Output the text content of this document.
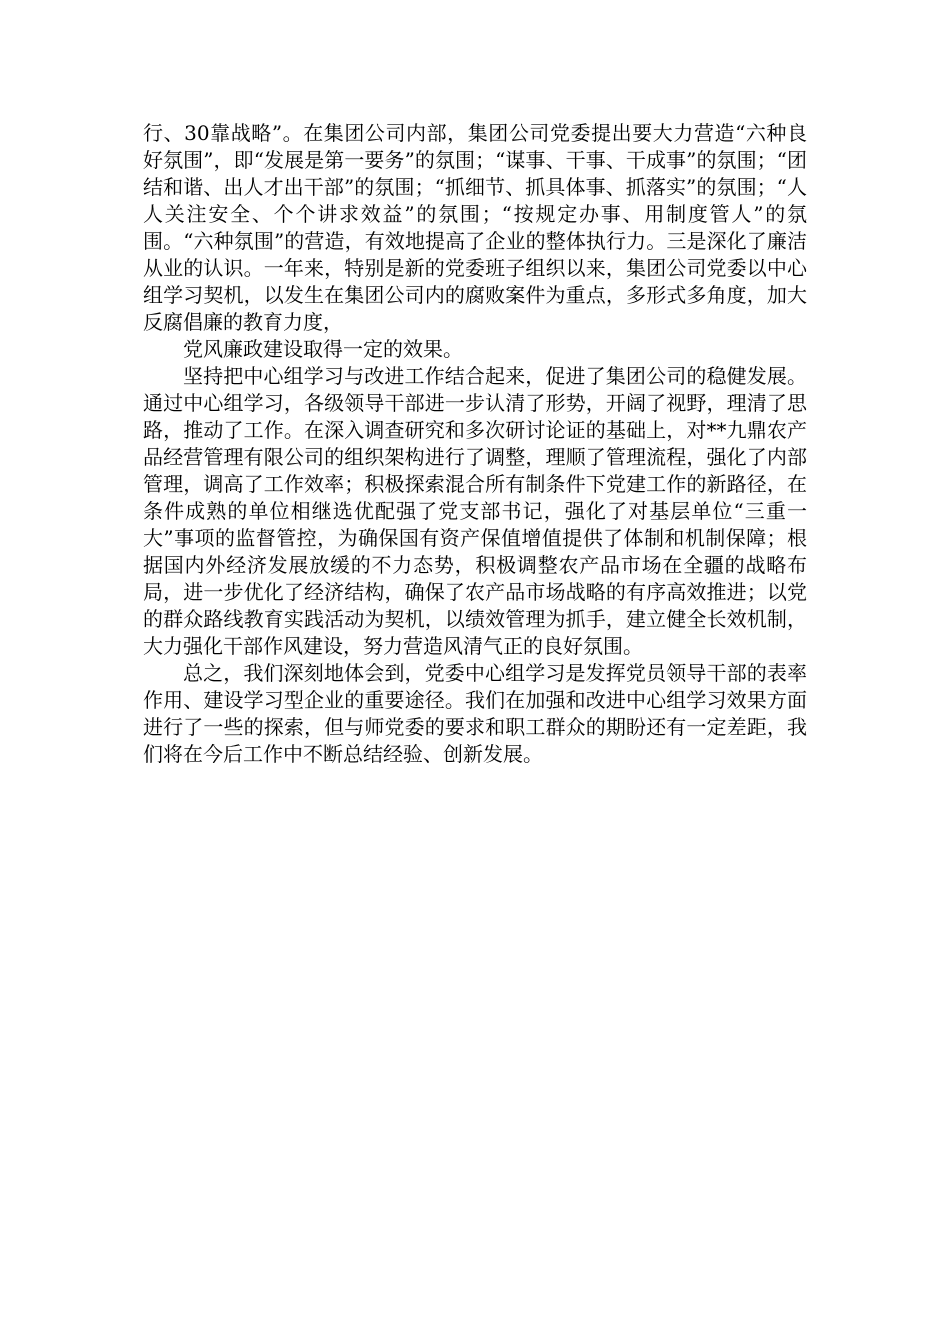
行、30靠战略”。在集团公司内部，集团公司党委提出要大力营造“六种良好氛围”，即“发展是第一要务”的氛围；“谋事、干事、干成事”的氛围；“团结和谐、出人才出干部”的氛围；“抓细节、抓具体事、抓落实”的氛围；“人人关注安全、个个讲求效益”的氛围；“按规定办事、用制度管人”的氛围。“六种氛围”的营造，有效地提高了企业的整体执行力。三是深化了廉洁从业的认识。一年来，特别是新的党委班子组织以来，集团公司党委以中心组学习契机，以发生在集团公司内的腐败案件为重点，多形式多角度，加大反腐倡廉的教育力度，

党风廉政建设取得一定的效果。

坚持把中心组学习与改进工作结合起来，促进了集团公司的稳健发展。通过中心组学习，各级领导干部进一步认清了形势，开阔了视野，理清了思路，推动了工作。在深入调查研究和多次研讨论证的基础上，对**九鼎农产品经营管理有限公司的组织架构进行了调整，理顺了管理流程，强化了内部管理，调高了工作效率；积极探索混合所有制条件下党建工作的新路径，在条件成熟的单位相继选优配强了党支部书记，强化了对基层单位“三重一大”事项的监督管控，为确保国有资产保值增值提供了体制和机制保障；根据国内外经济发展放缓的不力态势，积极调整农产品市场在全疆的战略布局，进一步优化了经济结构，确保了农产品市场战略的有序高效推进；以党的群众路线教育实践活动为契机，以绩效管理为抓手，建立健全长效机制，大力强化干部作风建设，努力营造风清气正的良好氛围。

总之，我们深刻地体会到，党委中心组学习是发挥党员领导干部的表率作用、建设学习型企业的重要途径。我们在加强和改进中心组学习效果方面进行了一些的探索，但与师党委的要求和职工群众的期盼还有一定差距，我们将在今后工作中不断总结经验、创新发展。
